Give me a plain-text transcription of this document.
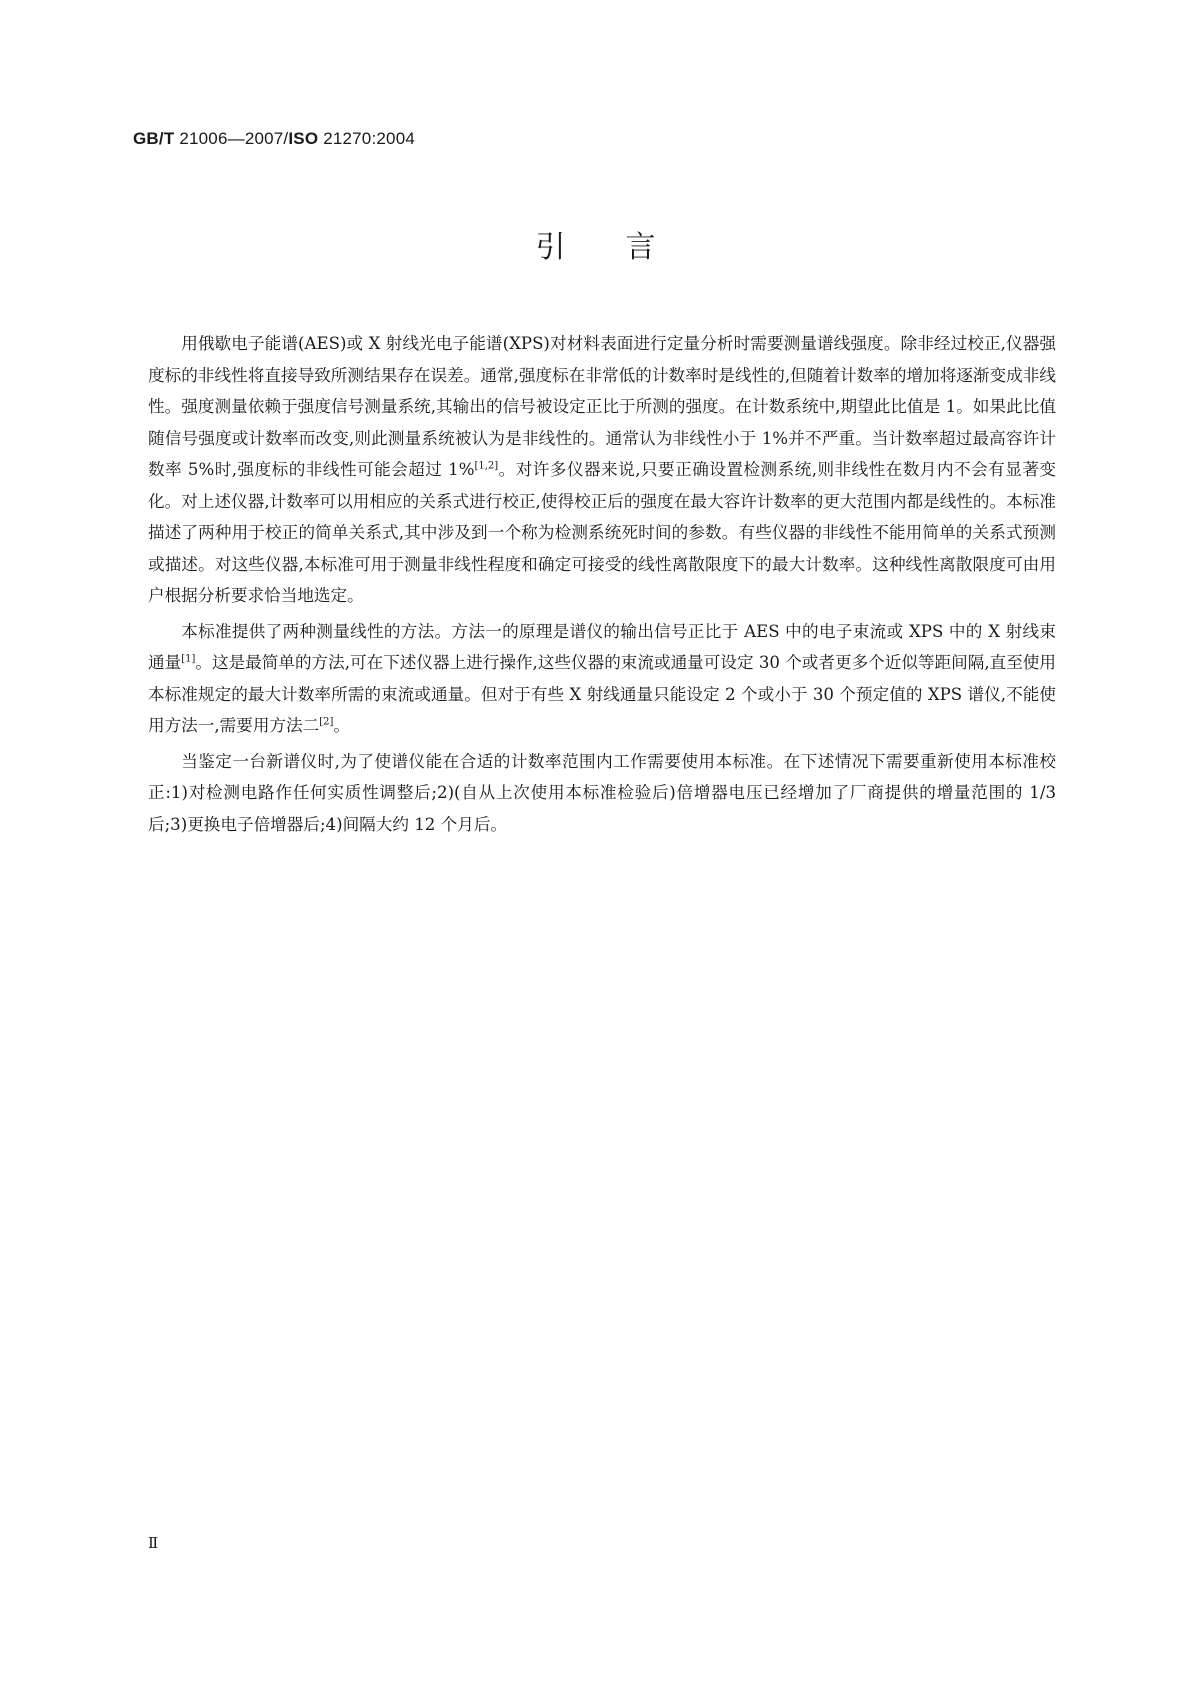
GB/T 21006—2007/ISO 21270:2004
引 言

用俄歇电子能谱(AES)或 X 射线光电子能谱(XPS)对材料表面进行定量分析时需要测量谱线强度。除非经过校正,仪器强度标的非线性将直接导致所测结果存在误差。通常,强度标在非常低的计数率时是线性的,但随着计数率的增加将逐渐变成非线性。强度测量依赖于强度信号测量系统,其输出的信号被设定正比于所测的强度。在计数系统中,期望此比值是 1。如果此比值随信号强度或计数率而改变,则此测量系统被认为是非线性的。通常认为非线性小于 1%并不严重。当计数率超过最高容许计数率 5%时,强度标的非线性可能会超过 1%[1,2]。对许多仪器来说,只要正确设置检测系统,则非线性在数月内不会有显著变化。对上述仪器,计数率可以用相应的关系式进行校正,使得校正后的强度在最大容许计数率的更大范围内都是线性的。本标准描述了两种用于校正的简单关系式,其中涉及到一个称为检测系统死时间的参数。有些仪器的非线性不能用简单的关系式预测或描述。对这些仪器,本标准可用于测量非线性程度和确定可接受的线性离散限度下的最大计数率。这种线性离散限度可由用户根据分析要求恰当地选定。

本标准提供了两种测量线性的方法。方法一的原理是谱仪的输出信号正比于 AES 中的电子束流或 XPS 中的 X 射线束通量[1]。这是最简单的方法,可在下述仪器上进行操作,这些仪器的束流或通量可设定 30 个或者更多个近似等距间隔,直至使用本标准规定的最大计数率所需的束流或通量。但对于有些 X 射线通量只能设定 2 个或小于 30 个预定值的 XPS 谱仪,不能使用方法一,需要用方法二[2]。

当鉴定一台新谱仪时,为了使谱仪能在合适的计数率范围内工作需要使用本标准。在下述情况下需要重新使用本标准校正:1)对检测电路作任何实质性调整后;2)(自从上次使用本标准检验后)倍增器电压已经增加了厂商提供的增量范围的 1/3 后;3)更换电子倍增器后;4)间隔大约 12 个月后。

Ⅱ
